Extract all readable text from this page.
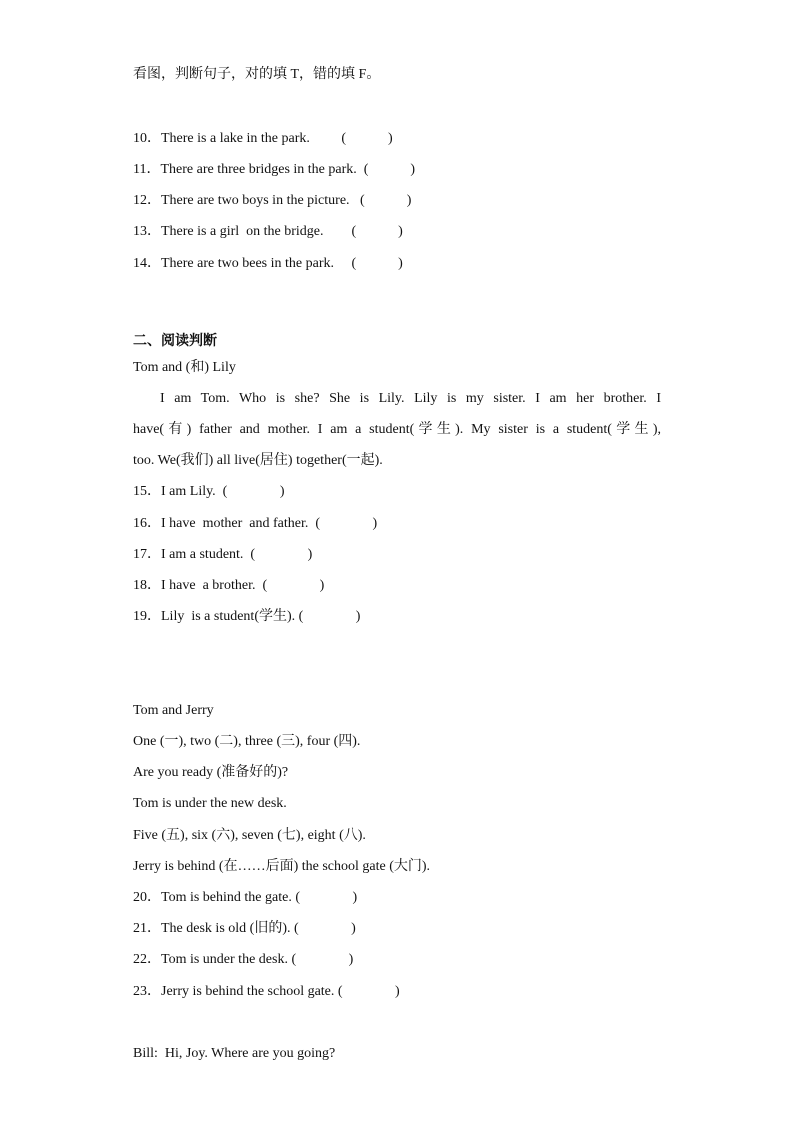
看图，判断句子，对的填 T，错的填 F。
10．There is a lake in the park.         (            )
11．There are three bridges in the park.  (            )
12．There are two boys in the picture.   (            )
13．There is a girl  on the bridge.        (            )
14．There are two bees in the park.     (            )
二、阅读判断
Tom and (和) Lily
I am Tom. Who is she? She is Lily. Lily is my sister. I am her brother. I
have(有) father and mother. I am a student(学生). My sister is a student(学生),
too. We(我们) all live(居住) together(一起).
15．I am Lily.  (               )
16．I have  mother  and father.  (               )
17．I am a student.  (               )
18．I have  a brother.  (               )
19．Lily  is a student(学生). (               )
Tom and Jerry
One (一), two (二), three (三), four (四).
Are you ready (准备好的)?
Tom is under the new desk.
Five (五), six (六), seven (七), eight (八).
Jerry is behind (在……后面) the school gate (大门).
20．Tom is behind the gate. (               )
21．The desk is old (旧的). (               )
22．Tom is under the desk. (               )
23．Jerry is behind the school gate. (               )
Bill:  Hi, Joy. Where are you going?
